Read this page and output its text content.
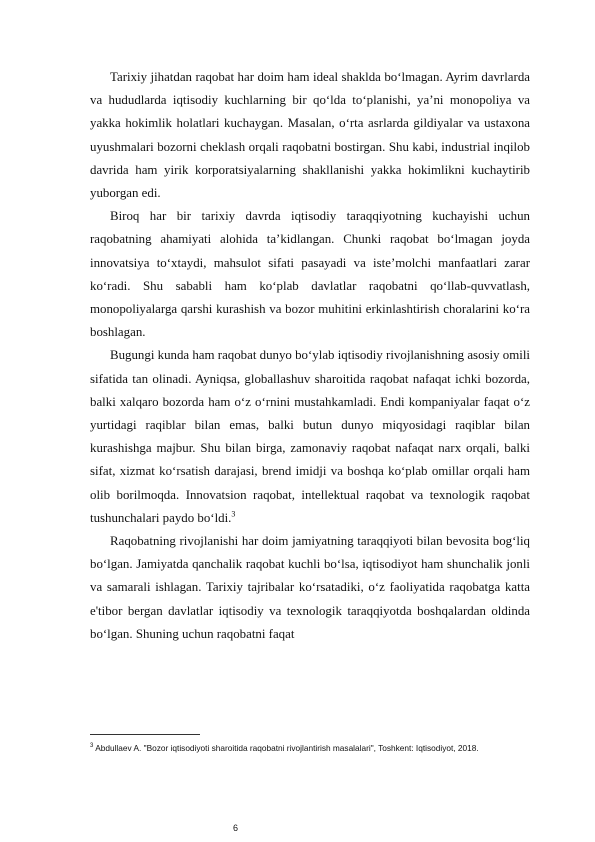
Tarixiy jihatdan raqobat har doim ham ideal shaklda bo‘lmagan. Ayrim davrlarda va hududlarda iqtisodiy kuchlarning bir qo‘lda to‘planishi, ya’ni monopoliya va yakka hokimlik holatlari kuchaygan. Masalan, o‘rta asrlarda gildiyalar va ustaxona uyushmalari bozorni cheklash orqali raqobatni bostirgan. Shu kabi, industrial inqilob davrida ham yirik korporatsiyalarning shakllanishi yakka hokimlikni kuchaytirib yuborgan edi.

Biroq har bir tarixiy davrda iqtisodiy taraqqiyotning kuchayishi uchun raqobatning ahamiyati alohida ta’kidlangan. Chunki raqobat bo‘lmagan joyda innovatsiya to‘xtaydi, mahsulot sifati pasayadi va iste’molchi manfaatlari zarar ko‘radi. Shu sababli ham ko‘plab davlatlar raqobatni qo‘llab-quvvatlash, monopoliyalarga qarshi kurashish va bozor muhitini erkinlashtirish choralarini ko‘ra boshlagan.

Bugungi kunda ham raqobat dunyo bo‘ylab iqtisodiy rivojlanishning asosiy omili sifatida tan olinadi. Ayniqsa, globallashuv sharoitida raqobat nafaqat ichki bozorda, balki xalqaro bozorda ham o‘z o‘rnini mustahkamladi. Endi kompaniyalar faqat o‘z yurtidagi raqiblar bilan emas, balki butun dunyo miqyosidagi raqiblar bilan kurashishga majbur. Shu bilan birga, zamonaviy raqobat nafaqat narx orqali, balki sifat, xizmat ko‘rsatish darajasi, brend imidji va boshqa ko‘plab omillar orqali ham olib borilmoqda. Innovatsion raqobat, intellektual raqobat va texnologik raqobat tushunchalari paydo bo‘ldi.$^3$

Raqobatning rivojlanishi har doim jamiyatning taraqqiyoti bilan bevosita bog‘liq bo‘lgan. Jamiyatda qanchalik raqobat kuchli bo‘lsa, iqtisodiyot ham shunchalik jonli va samarali ishlagan. Tarixiy tajribalar ko‘rsatadiki, o‘z faoliyatida raqobatga katta e'tibor bergan davlatlar iqtisodiy va texnologik taraqqiyotda boshqalardan oldinda bo‘lgan. Shuning uchun raqobatni faqat

$^3$ Abdullaev A. "Bozor iqtisodiyoti sharoitida raqobatni rivojlantirish masalalari", Toshkent: Iqtisodiyot, 2018.
6
